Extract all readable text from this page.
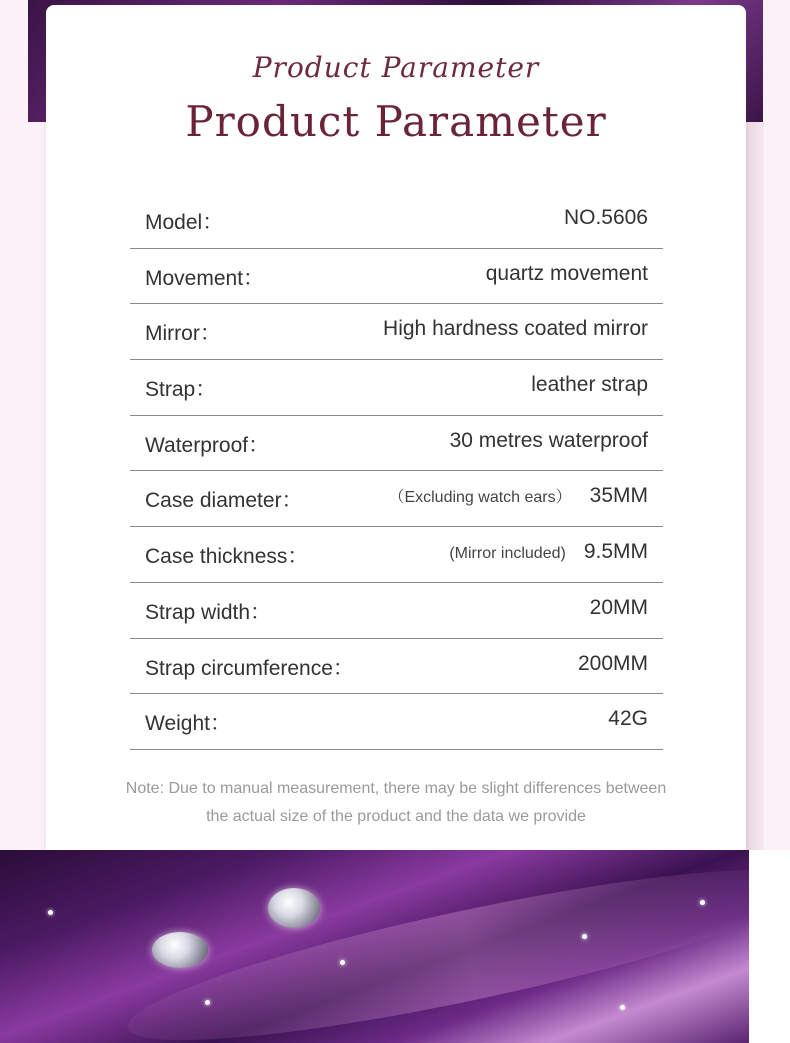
Product Parameter
Product Parameter
Model：	NO.5606
Movement：	quartz movement
Mirror：	High hardness coated mirror
Strap：	leather strap
Waterproof：	30 metres waterproof
Case diameter：	（Excluding watch ears） 35MM
Case thickness：	(Mirror included) 9.5MM
Strap width：	20MM
Strap circumference：	200MM
Weight：	42G
Note: Due to manual measurement, there may be slight differences between
the actual size of the product and the data we provide
